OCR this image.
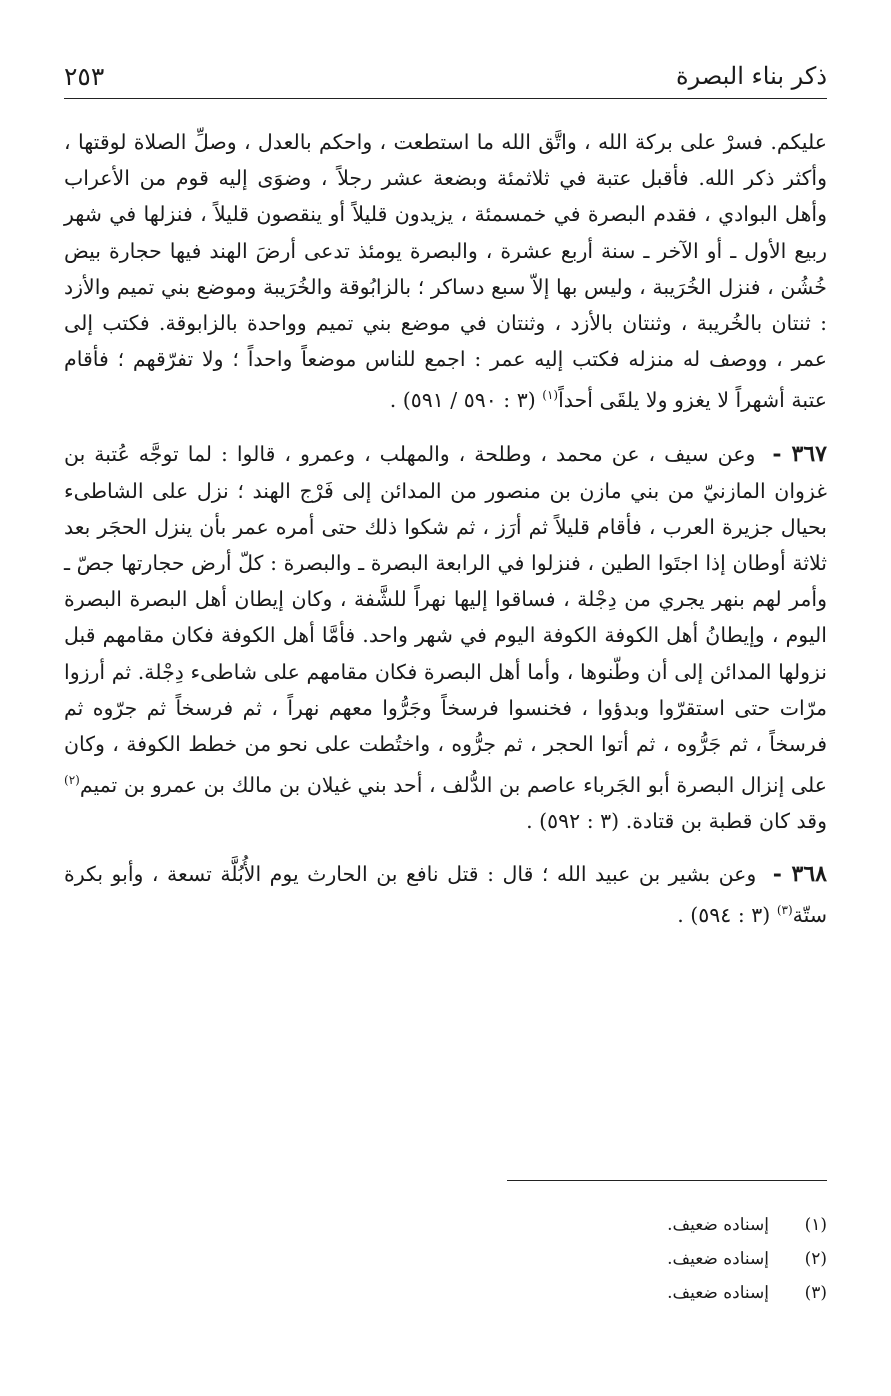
ذكر بناء البصرة
٢٥٣

عليكم. فسرْ على بركة الله ، واتَّق الله ما استطعت ، واحكم بالعدل ، وصلِّ الصلاة لوقتها ، وأكثر ذكر الله. فأقبل عتبة في ثلاثمئة وبضعة عشر رجلاً ، وضوَى إليه قوم من الأعراب وأهل البوادي ، فقدم البصرة في خمسمئة ، يزيدون قليلاً أو ينقصون قليلاً ، فنزلها في شهر ربيع الأول ـ أو الآخر ـ سنة أربع عشرة ، والبصرة يومئذ تدعى أرضَ الهند فيها حجارة بيض خُشُن ، فنزل الخُرَيبة ، وليس بها إلاّ سبع دساكر ؛ بالزابُوقة والخُرَيبة وموضع بني تميم والأزد : ثنتان بالخُريبة ، وثنتان بالأزد ، وثنتان في موضع بني تميم وواحدة بالزابوقة. فكتب إلى عمر ، ووصف له منزله فكتب إليه عمر : اجمع للناس موضعاً واحداً ؛ ولا تفرّقهم ؛ فأقام عتبة أشهراً لا يغزو ولا يلقَى أحداً$^{(١)}$ (٣ : ٥٩٠ / ٥٩١) .

٣٦٧ - وعن سيف ، عن محمد ، وطلحة ، والمهلب ، وعمرو ، قالوا : لما توجَّه عُتبة بن غزوان المازنيّ من بني مازن بن منصور من المدائن إلى فَرْج الهند ؛ نزل على الشاطىء بحيال جزيرة العرب ، فأقام قليلاً ثم أرَز ، ثم شكوا ذلك حتى أمره عمر بأن ينزل الحجَر بعد ثلاثة أوطان إذا اجتَوا الطين ، فنزلوا في الرابعة البصرة ـ والبصرة : كلّ أرض حجارتها جصّ ـ وأمر لهم بنهر يجري من دِجْلة ، فساقوا إليها نهراً للشَّفة ، وكان إيطان أهل البصرة البصرة اليوم ، وإيطانُ أهل الكوفة الكوفة اليوم في شهر واحد. فأمَّا أهل الكوفة فكان مقامهم قبل نزولها المدائن إلى أن وطّنوها ، وأما أهل البصرة فكان مقامهم على شاطىء دِجْلة. ثم أرزوا مرّات حتى استقرّوا وبدؤوا ، فخنسوا فرسخاً وجَرُّوا معهم نهراً ، ثم فرسخاً ثم جرّوه ثم فرسخاً ، ثم جَرُّوه ، ثم أتوا الحجر ، ثم جرُّوه ، واختُطت على نحو من خطط الكوفة ، وكان على إنزال البصرة أبو الجَرباء عاصم بن الدُّلف ، أحد بني غيلان بن مالك بن عمرو بن تميم$^{(٢)}$ وقد كان قطبة بن قتادة. (٣ : ٥٩٢) .

٣٦٨ - وعن بشير بن عبيد الله ؛ قال : قتل نافع بن الحارث يوم الأُبُلَّة تسعة ، وأبو بكرة ستّة$^{(٣)}$ (٣ : ٥٩٤) .

(١)
إسناده ضعيف.
(٢)
إسناده ضعيف.
(٣)
إسناده ضعيف.
